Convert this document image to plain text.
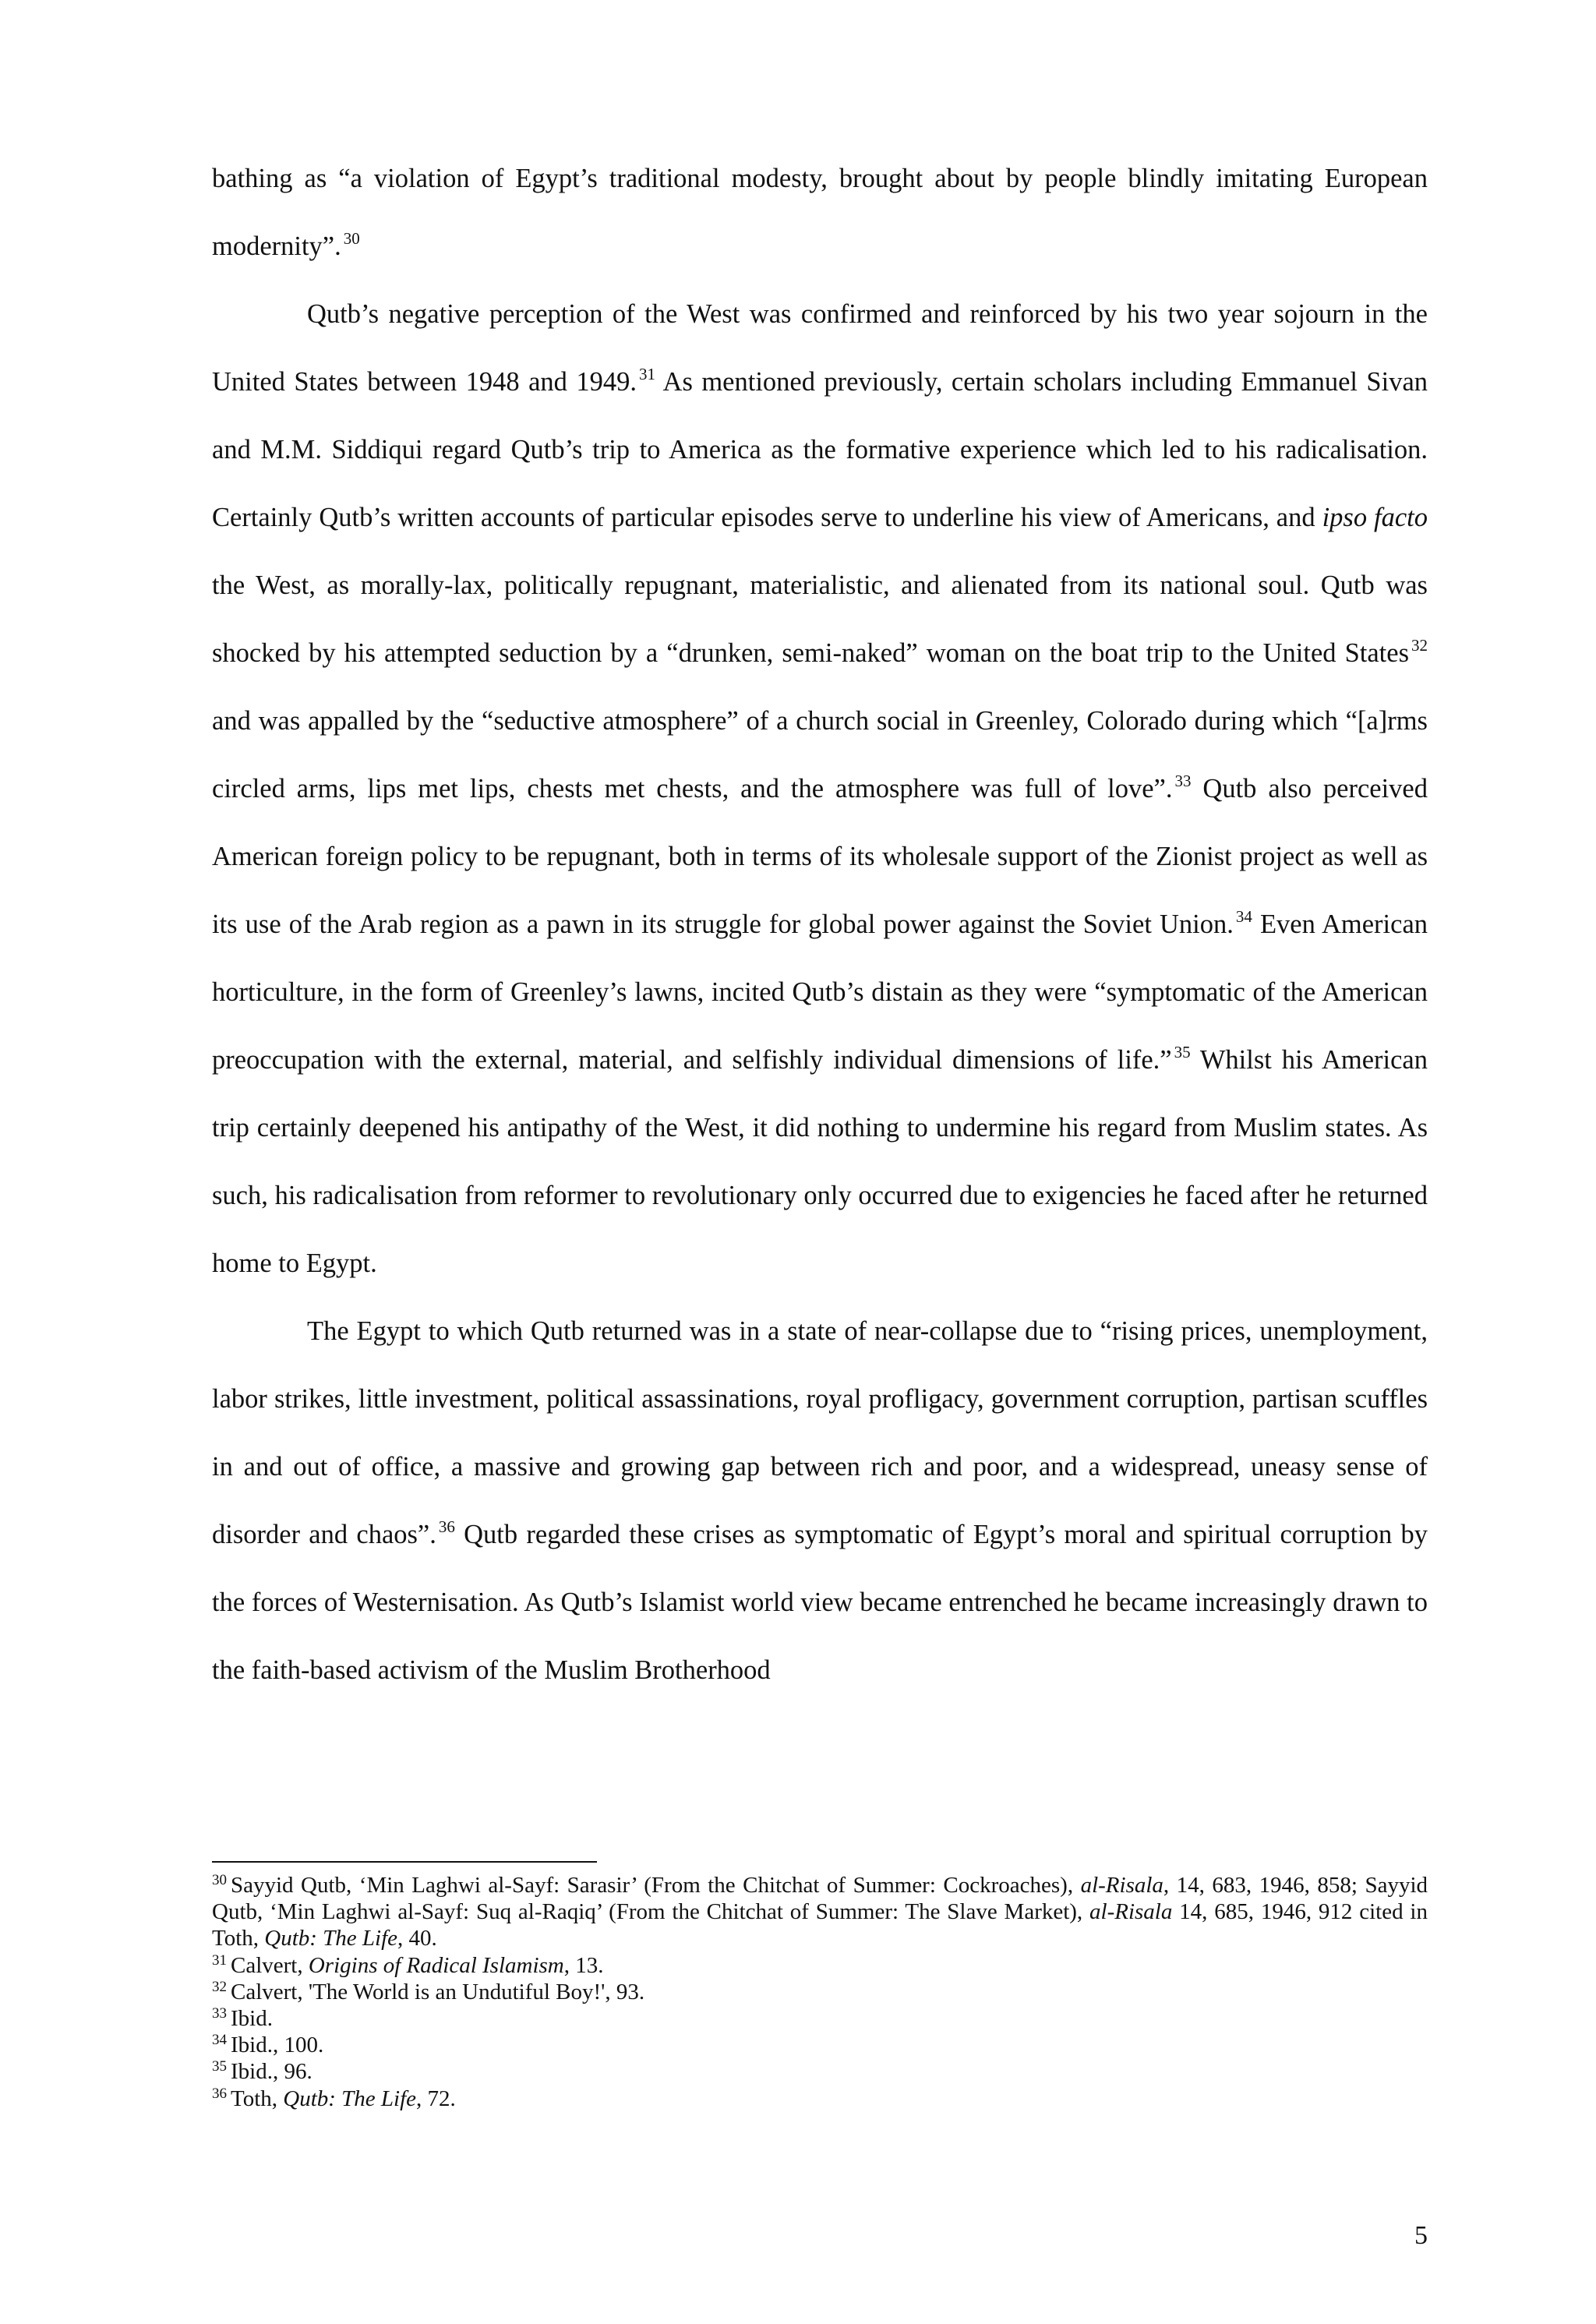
bathing as “a violation of Egypt’s traditional modesty, brought about by people blindly imitating European modernity”. $^{30}$

Qutb’s negative perception of the West was confirmed and reinforced by his two year sojourn in the United States between 1948 and 1949. $^{31}$ As mentioned previously, certain scholars including Emmanuel Sivan and M.M. Siddiqui regard Qutb’s trip to America as the formative experience which led to his radicalisation. Certainly Qutb’s written accounts of particular episodes serve to underline his view of Americans, and ipso facto the West, as morally-lax, politically repugnant, materialistic, and alienated from its national soul. Qutb was shocked by his attempted seduction by a “drunken, semi-naked” woman on the boat trip to the United States $^{32}$ and was appalled by the “seductive atmosphere” of a church social in Greenley, Colorado during which “[a]rms circled arms, lips met lips, chests met chests, and the atmosphere was full of love”. $^{33}$ Qutb also perceived American foreign policy to be repugnant, both in terms of its wholesale support of the Zionist project as well as its use of the Arab region as a pawn in its struggle for global power against the Soviet Union. $^{34}$ Even American horticulture, in the form of Greenley’s lawns, incited Qutb’s distain as they were “symptomatic of the American preoccupation with the external, material, and selfishly individual dimensions of life.” $^{35}$ Whilst his American trip certainly deepened his antipathy of the West, it did nothing to undermine his regard from Muslim states. As such, his radicalisation from reformer to revolutionary only occurred due to exigencies he faced after he returned home to Egypt.

The Egypt to which Qutb returned was in a state of near-collapse due to “rising prices, unemployment, labor strikes, little investment, political assassinations, royal profligacy, government corruption, partisan scuffles in and out of office, a massive and growing gap between rich and poor, and a widespread, uneasy sense of disorder and chaos”. $^{36}$ Qutb regarded these crises as symptomatic of Egypt’s moral and spiritual corruption by the forces of Westernisation. As Qutb’s Islamist world view became entrenched he became increasingly drawn to the faith-based activism of the Muslim Brotherhood

$^{30}$ Sayyid Qutb, ‘Min Laghwi al-Sayf: Sarasir’ (From the Chitchat of Summer: Cockroaches), al-Risala, 14, 683, 1946, 858; Sayyid Qutb, ‘Min Laghwi al-Sayf: Suq al-Raqiq’ (From the Chitchat of Summer: The Slave Market), al-Risala 14, 685, 1946, 912 cited in Toth, Qutb: The Life, 40.

$^{31}$ Calvert, Origins of Radical Islamism, 13.

$^{32}$ Calvert, 'The World is an Undutiful Boy!', 93.

$^{33}$ Ibid.

$^{34}$ Ibid., 100.

$^{35}$ Ibid., 96.

$^{36}$ Toth, Qutb: The Life, 72.

5
